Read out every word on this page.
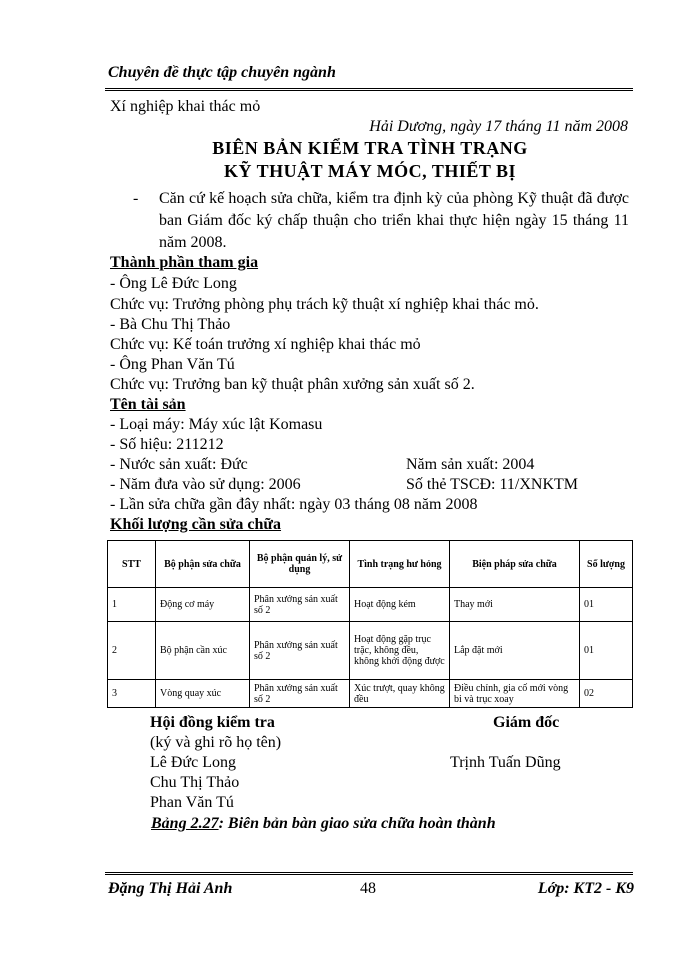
Chuyên đề thực tập chuyên ngành
Xí nghiệp khai thác mỏ
Hải Dương, ngày 17 tháng 11 năm 2008
BIÊN BẢN KIỂM TRA TÌNH TRẠNG
KỸ THUẬT MÁY MÓC, THIẾT BỊ
- Căn cứ kế hoạch sửa chữa, kiểm tra định kỳ của phòng Kỹ thuật đã được ban Giám đốc ký chấp thuận cho triển khai thực hiện ngày 15 tháng 11 năm 2008.
Thành phần tham gia
- Ông Lê Đức Long
Chức vụ: Trưởng phòng phụ trách kỹ thuật xí nghiệp khai thác mỏ.
- Bà Chu Thị Thảo
Chức vụ: Kế toán trưởng xí nghiệp khai thác mỏ
- Ông Phan Văn Tú
Chức vụ: Trưởng ban kỹ thuật phân xưởng sản xuất số 2.
Tên tài sản
- Loại máy: Máy xúc lật Komasu
- Số hiệu: 211212
- Nước sản xuất: Đức	Năm sản xuất: 2004
- Năm đưa vào sử dụng: 2006	Số thẻ TSCĐ: 11/XNKTM
- Lần sửa chữa gần đây nhất: ngày 03 tháng 08 năm 2008
Khối lượng cần sửa chữa
STT	Bộ phận sửa chữa	Bộ phận quản lý, sử dụng	Tình trạng hư hỏng	Biện pháp sửa chữa	Số lượng
1	Động cơ máy	Phân xưởng sản xuất số 2	Hoạt động kém	Thay mới	01
2	Bộ phận cần xúc	Phân xưởng sản xuất số 2	Hoạt động gặp trục trặc, không đều, không khởi động được	Lắp đặt mới	01
3	Vòng quay xúc	Phân xưởng sản xuất số 2	Xúc trượt, quay không đều	Điều chỉnh, gia cố mới vòng bi và trục xoay	02
Hội đồng kiểm tra
(ký và ghi rõ họ tên)
Lê Đức Long
Chu Thị Thảo
Phan Văn Tú
Giám đốc
Trịnh Tuấn Dũng
Bảng 2.27: Biên bản bàn giao sửa chữa hoàn thành
Đặng Thị Hải Anh	48	Lớp: KT2 - K9
